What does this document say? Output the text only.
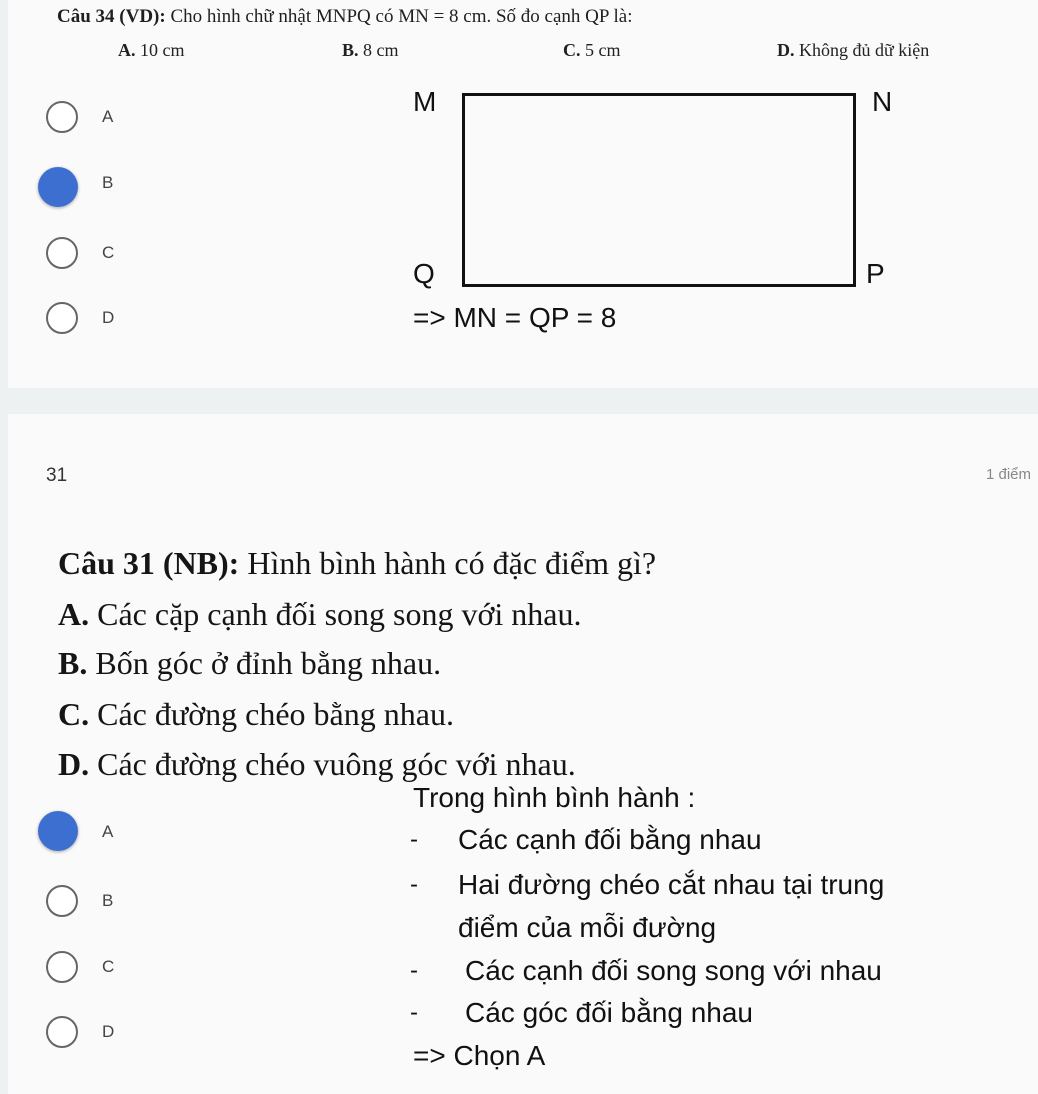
Câu 34 (VD): Cho hình chữ nhật MNPQ có MN = 8 cm. Số đo cạnh QP là:
A. 10 cm	B. 8 cm	C. 5 cm	D. Không đủ dữ kiện
A
B
C
D
M	N
P
Q
=> MN = QP = 8
31	1 điểm
Câu 31 (NB): Hình bình hành có đặc điểm gì?
A. Các cặp cạnh đối song song với nhau.
B. Bốn góc ở đỉnh bằng nhau.
C. Các đường chéo bằng nhau.
D. Các đường chéo vuông góc với nhau.
A
B
C
D
Trong hình bình hành :
- Các cạnh đối bằng nhau
- Hai đường chéo cắt nhau tại trung
điểm của mỗi đường
- Các cạnh đối song song với nhau
- Các góc đối bằng nhau
=> Chọn A
